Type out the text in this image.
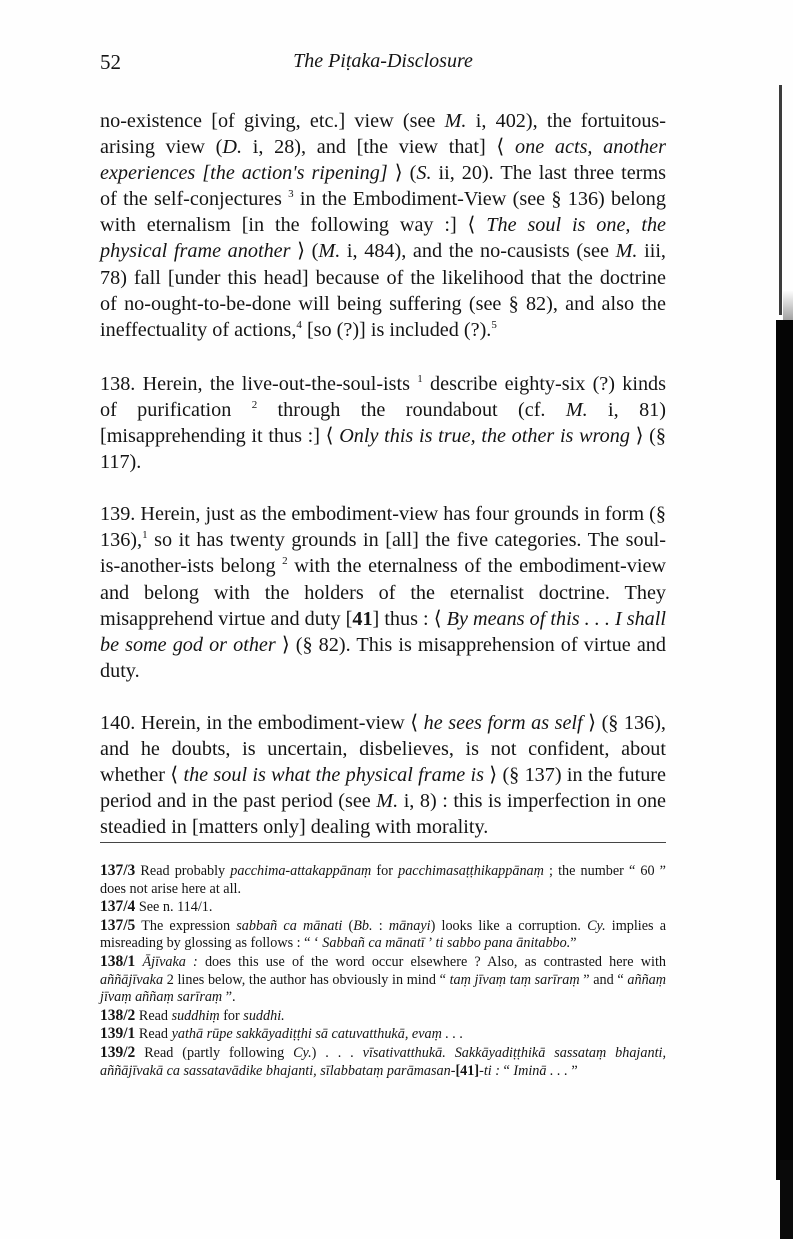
52	The Piṭaka-Disclosure

no-existence [of giving, etc.] view (see M. i, 402), the fortuitous-arising view (D. i, 28), and [the view that] ⟨ one acts, another experiences [the action's ripening] ⟩ (S. ii, 20). The last three terms of the self-conjectures $^3$ in the Embodiment-View (see § 136) belong with eternalism [in the following way :] ⟨ The soul is one, the physical frame another ⟩ (M. i, 484), and the no-causists (see M. iii, 78) fall [under this head] because of the likelihood that the doctrine of no-ought-to-be-done will being suffering (see § 82), and also the ineffectuality of actions,$^4$ [so (?)] is included (?).$^5$

138. Herein, the live-out-the-soul-ists $^1$ describe eighty-six (?) kinds of purification $^2$ through the roundabout (cf. M. i, 81) [misapprehending it thus :] ⟨ Only this is true, the other is wrong ⟩ (§ 117).

139. Herein, just as the embodiment-view has four grounds in form (§ 136),$^1$ so it has twenty grounds in [all] the five categories. The soul-is-another-ists belong $^2$ with the eternalness of the embodiment-view and belong with the holders of the eternalist doctrine. They misapprehend virtue and duty [41] thus : ⟨ By means of this . . . I shall be some god or other ⟩ (§ 82). This is misapprehension of virtue and duty.

140. Herein, in the embodiment-view ⟨ he sees form as self ⟩ (§ 136), and he doubts, is uncertain, disbelieves, is not confident, about whether ⟨ the soul is what the physical frame is ⟩ (§ 137) in the future period and in the past period (see M. i, 8) : this is imperfection in one steadied in [matters only] dealing with morality.

137/3 Read probably pacchima-attakappānaṃ for pacchimasaṭṭhikappānaṃ ; the number “ 60 ” does not arise here at all.

137/4 See n. 114/1.

137/5 The expression sabbañ ca mānati (Bb. : mānayi) looks like a corruption. Cy. implies a misreading by glossing as follows : “ ‘ Sabbañ ca mānatī ’ ti sabbo pana ānitabbo.”

138/1 Ājīvaka : does this use of the word occur elsewhere ? Also, as contrasted here with aññājīvaka 2 lines below, the author has obviously in mind “ taṃ jīvaṃ taṃ sarīraṃ ” and “ aññaṃ jīvaṃ aññaṃ sarīraṃ ”.

138/2 Read suddhiṃ for suddhi.

139/1 Read yathā rūpe sakkāyadiṭṭhi sā catuvatthukā, evaṃ . . .

139/2 Read (partly following Cy.) . . . vīsativatthukā. Sakkāyadiṭṭhikā sassataṃ bhajanti, aññājīvakā ca sassatavādike bhajanti, sīlabbataṃ parāmasan-[41]-ti : “ Iminā . . . ”
